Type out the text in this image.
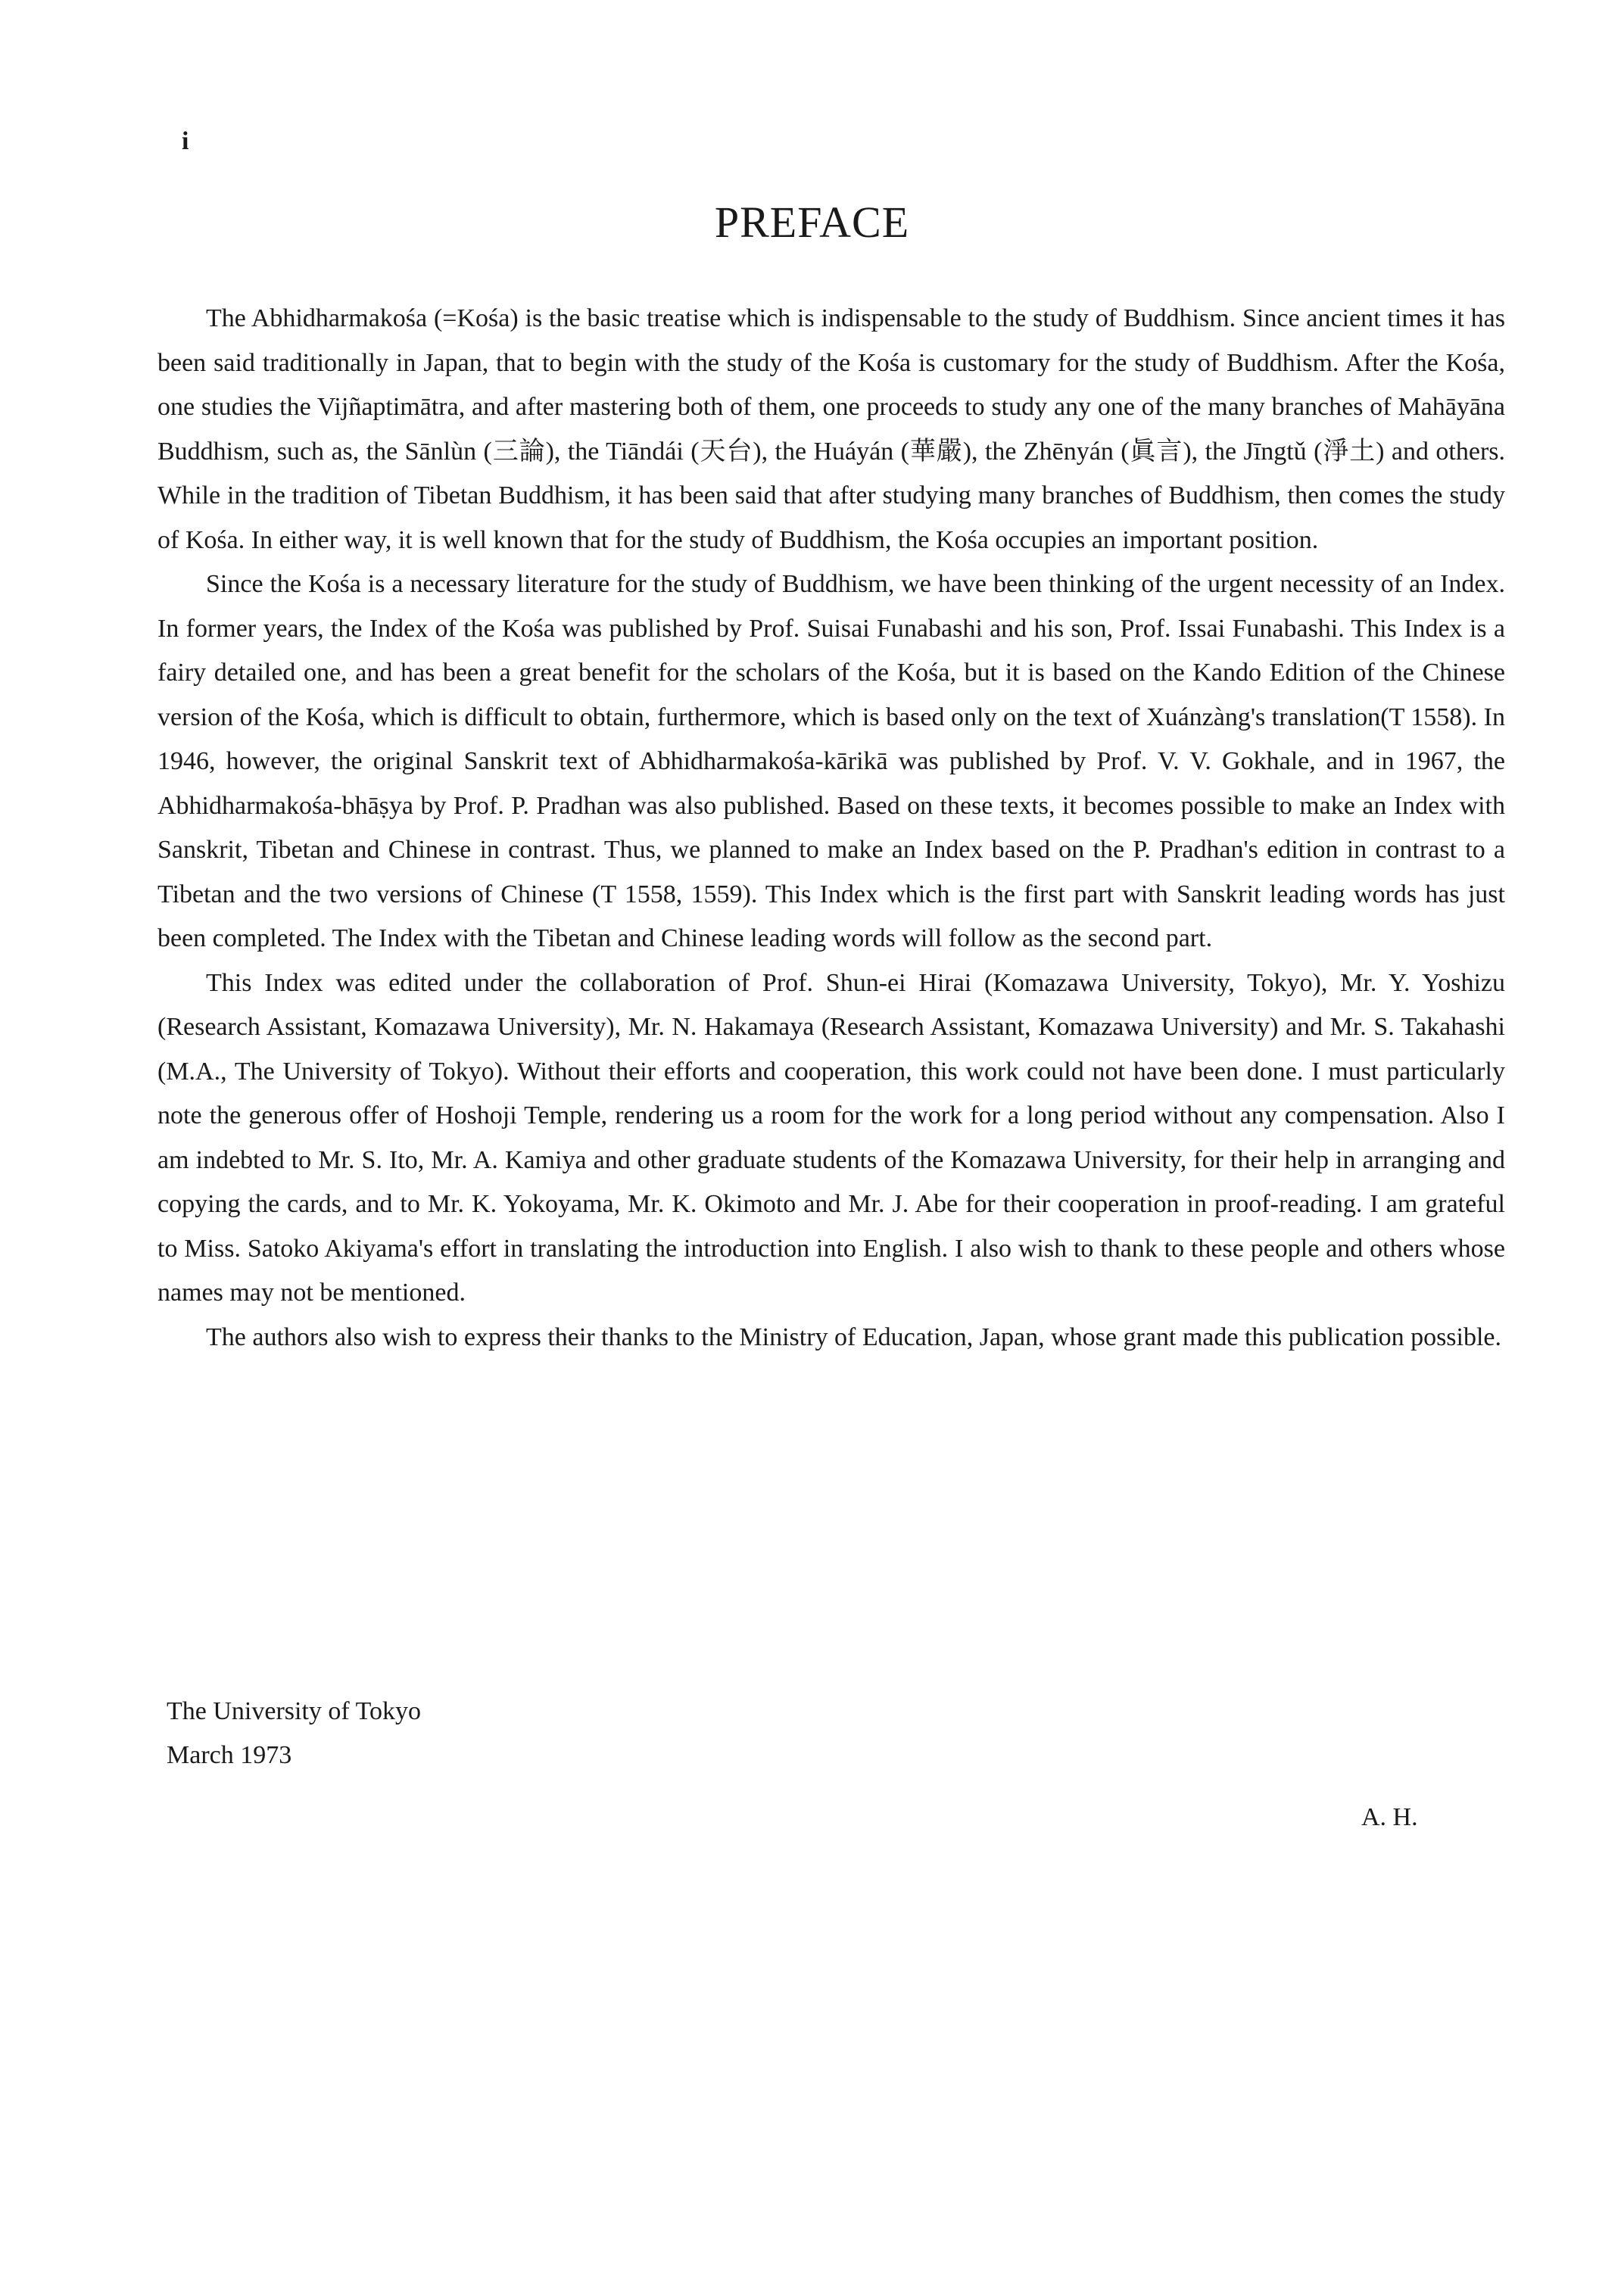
i
PREFACE

The Abhidharmakośa (=Kośa) is the basic treatise which is indispensable to the study of Buddhism. Since ancient times it has been said traditionally in Japan, that to begin with the study of the Kośa is customary for the study of Buddhism. After the Kośa, one studies the Vijñaptimātra, and after mastering both of them, one proceeds to study any one of the many branches of Mahāyāna Buddhism, such as, the Sānlùn (三論), the Tiāndái (天台), the Huáyán (華嚴), the Zhēnyán (眞言), the Jīngtǔ (淨土) and others. While in the tradition of Tibetan Buddhism, it has been said that after studying many branches of Buddhism, then comes the study of Kośa. In either way, it is well known that for the study of Buddhism, the Kośa occupies an important position.

Since the Kośa is a necessary literature for the study of Buddhism, we have been thinking of the urgent necessity of an Index. In former years, the Index of the Kośa was published by Prof. Suisai Funabashi and his son, Prof. Issai Funabashi. This Index is a fairy detailed one, and has been a great benefit for the scholars of the Kośa, but it is based on the Kando Edition of the Chinese version of the Kośa, which is difficult to obtain, furthermore, which is based only on the text of Xuánzàng's translation(T 1558). In 1946, however, the original Sanskrit text of Abhidharmakośa-kārikā was published by Prof. V. V. Gokhale, and in 1967, the Abhidharmakośa-bhāṣya by Prof. P. Pradhan was also published. Based on these texts, it becomes possible to make an Index with Sanskrit, Tibetan and Chinese in contrast. Thus, we planned to make an Index based on the P. Pradhan's edition in contrast to a Tibetan and the two versions of Chinese (T 1558, 1559). This Index which is the first part with Sanskrit leading words has just been completed. The Index with the Tibetan and Chinese leading words will follow as the second part.

This Index was edited under the collaboration of Prof. Shun-ei Hirai (Komazawa University, Tokyo), Mr. Y. Yoshizu (Research Assistant, Komazawa University), Mr. N. Hakamaya (Research Assistant, Komazawa University) and Mr. S. Takahashi (M.A., The University of Tokyo). Without their efforts and cooperation, this work could not have been done. I must particularly note the generous offer of Hoshoji Temple, rendering us a room for the work for a long period without any compensation. Also I am indebted to Mr. S. Ito, Mr. A. Kamiya and other graduate students of the Komazawa University, for their help in arranging and copying the cards, and to Mr. K. Yokoyama, Mr. K. Okimoto and Mr. J. Abe for their cooperation in proof-reading. I am grateful to Miss. Satoko Akiyama's effort in translating the introduction into English. I also wish to thank to these people and others whose names may not be mentioned.

The authors also wish to express their thanks to the Ministry of Education, Japan, whose grant made this publication possible.

The University of Tokyo
March 1973
A. H.
